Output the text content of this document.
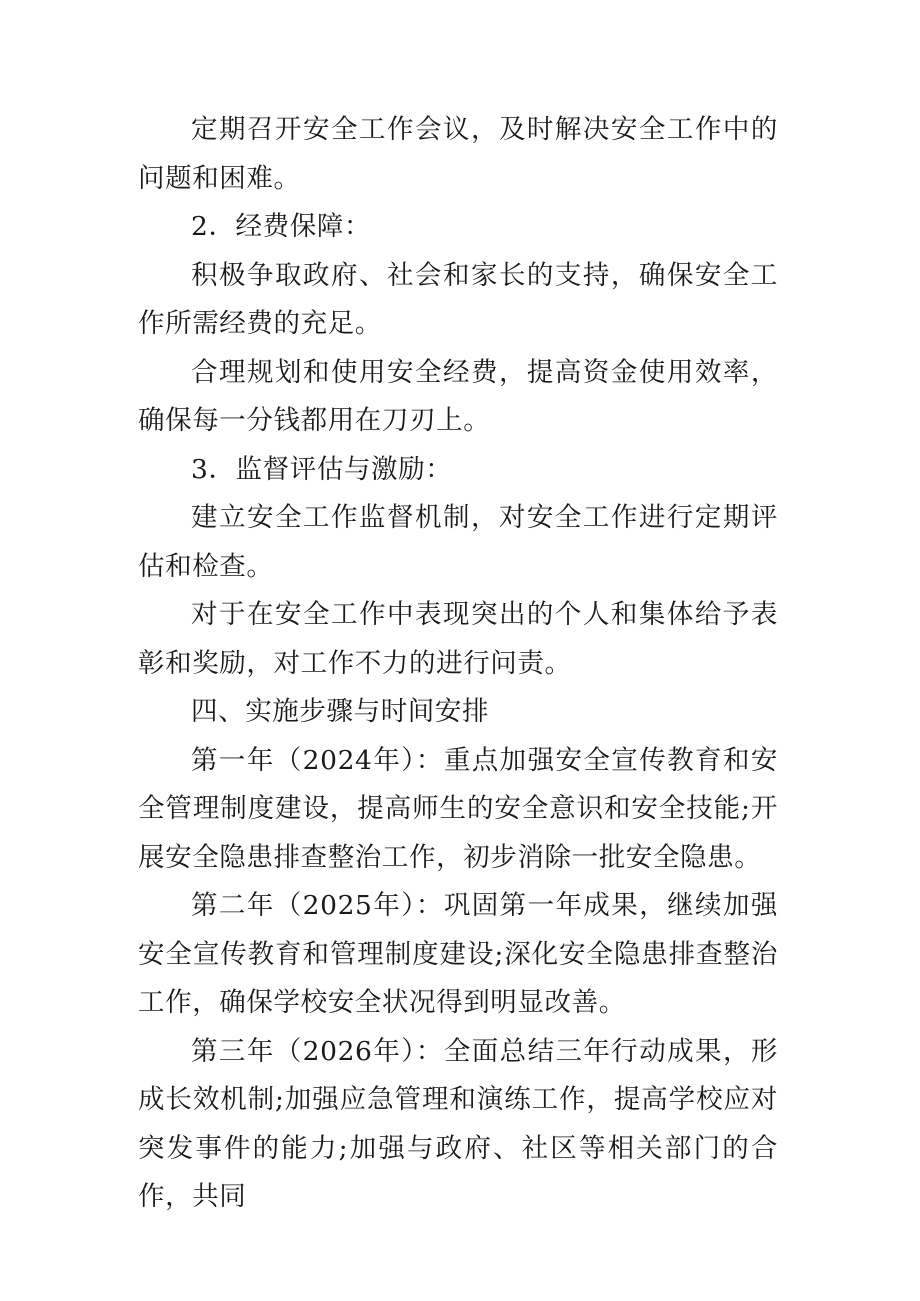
定期召开安全工作会议，及时解决安全工作中的问题和困难。

2．经费保障：

积极争取政府、社会和家长的支持，确保安全工作所需经费的充足。

合理规划和使用安全经费，提高资金使用效率，确保每一分钱都用在刀刃上。

3．监督评估与激励：

建立安全工作监督机制，对安全工作进行定期评估和检查。

对于在安全工作中表现突出的个人和集体给予表彰和奖励，对工作不力的进行问责。

四、实施步骤与时间安排

第一年（2024年）：重点加强安全宣传教育和安全管理制度建设，提高师生的安全意识和安全技能;开展安全隐患排查整治工作，初步消除一批安全隐患。

第二年（2025年）：巩固第一年成果，继续加强安全宣传教育和管理制度建设;深化安全隐患排查整治工作，确保学校安全状况得到明显改善。

第三年（2026年）：全面总结三年行动成果，形成长效机制;加强应急管理和演练工作，提高学校应对突发事件的能力;加强与政府、社区等相关部门的合作，共同
